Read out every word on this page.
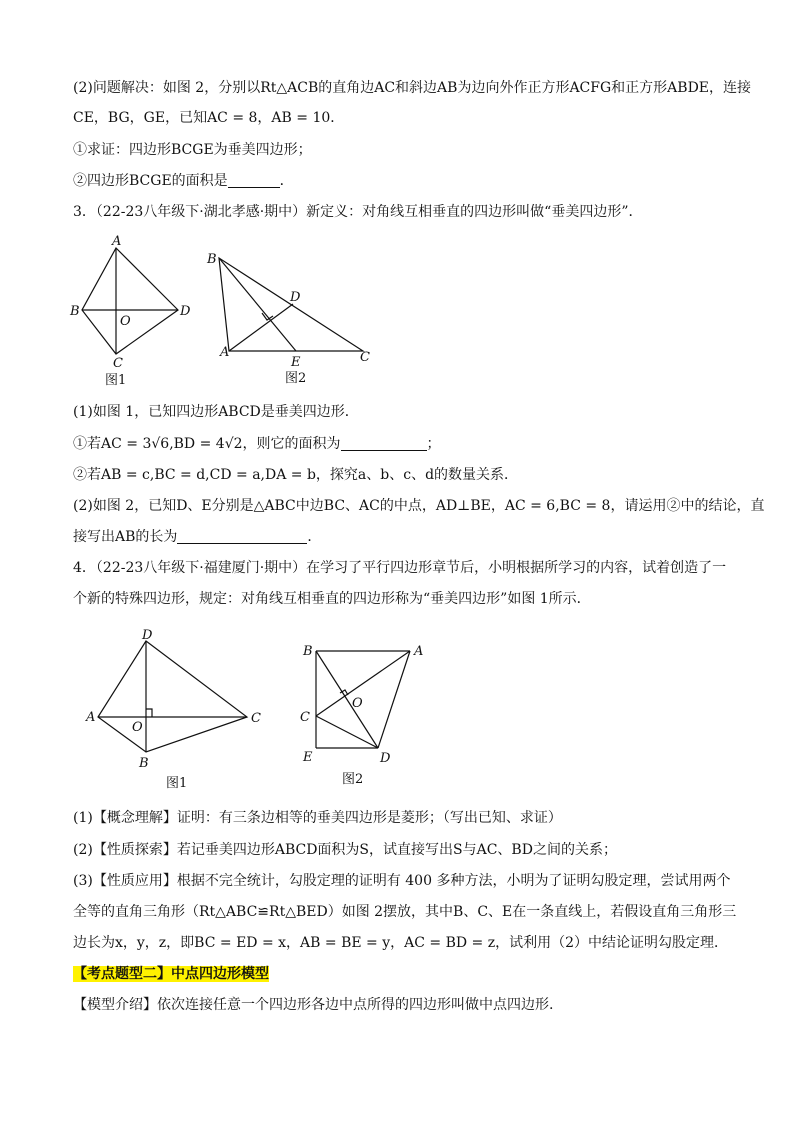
(2)问题解决：如图 2，分别以Rt△ACB的直角边AC和斜边AB为边向外作正方形ACFG和正方形ABDE，连接
CE，BG，GE，已知AC = 8，AB = 10．
①求证：四边形BCGE为垂美四边形；
②四边形BCGE的面积是	．
3．（22-23八年级下·湖北孝感·期中）新定义：对角线互相垂直的四边形叫做“垂美四边形”．
A
B
C
D
O
图1
B
A
E	C
D
图2
(1)如图 1，已知四边形ABCD是垂美四边形．
①若AC = 3√6,BD = 4√2，则它的面积为	；
②若AB = c,BC = d,CD = a,DA = b，探究a、b、c、d的数量关系．
(2)如图 2，已知D、E分别是△ABC中边BC、AC的中点，AD⊥BE，AC = 6,BC = 8，请运用②中的结论，直
接写出AB的长为	．
4．（22-23八年级下·福建厦门·期中）在学习了平行四边形章节后，小明根据所学习的内容，试着创造了一
个新的特殊四边形，规定：对角线互相垂直的四边形称为“垂美四边形”如图 1所示．
D
A
O
B
C
图1
B	A
C
O
E	D
图2
(1)【概念理解】证明：有三条边相等的垂美四边形是菱形；（写出已知、求证）
(2)【性质探索】若记垂美四边形ABCD面积为S，试直接写出S与AC、BD之间的关系；
(3)【性质应用】根据不完全统计，勾股定理的证明有 400 多种方法，小明为了证明勾股定理，尝试用两个
全等的直角三角形（Rt△ABC≌Rt△BED）如图 2摆放，其中B、C、E在一条直线上，若假设直角三角形三
边长为x，y，z，即BC = ED = x，AB = BE = y，AC = BD = z，试利用（2）中结论证明勾股定理．
【考点题型二】中点四边形模型
【模型介绍】依次连接任意一个四边形各边中点所得的四边形叫做中点四边形.
